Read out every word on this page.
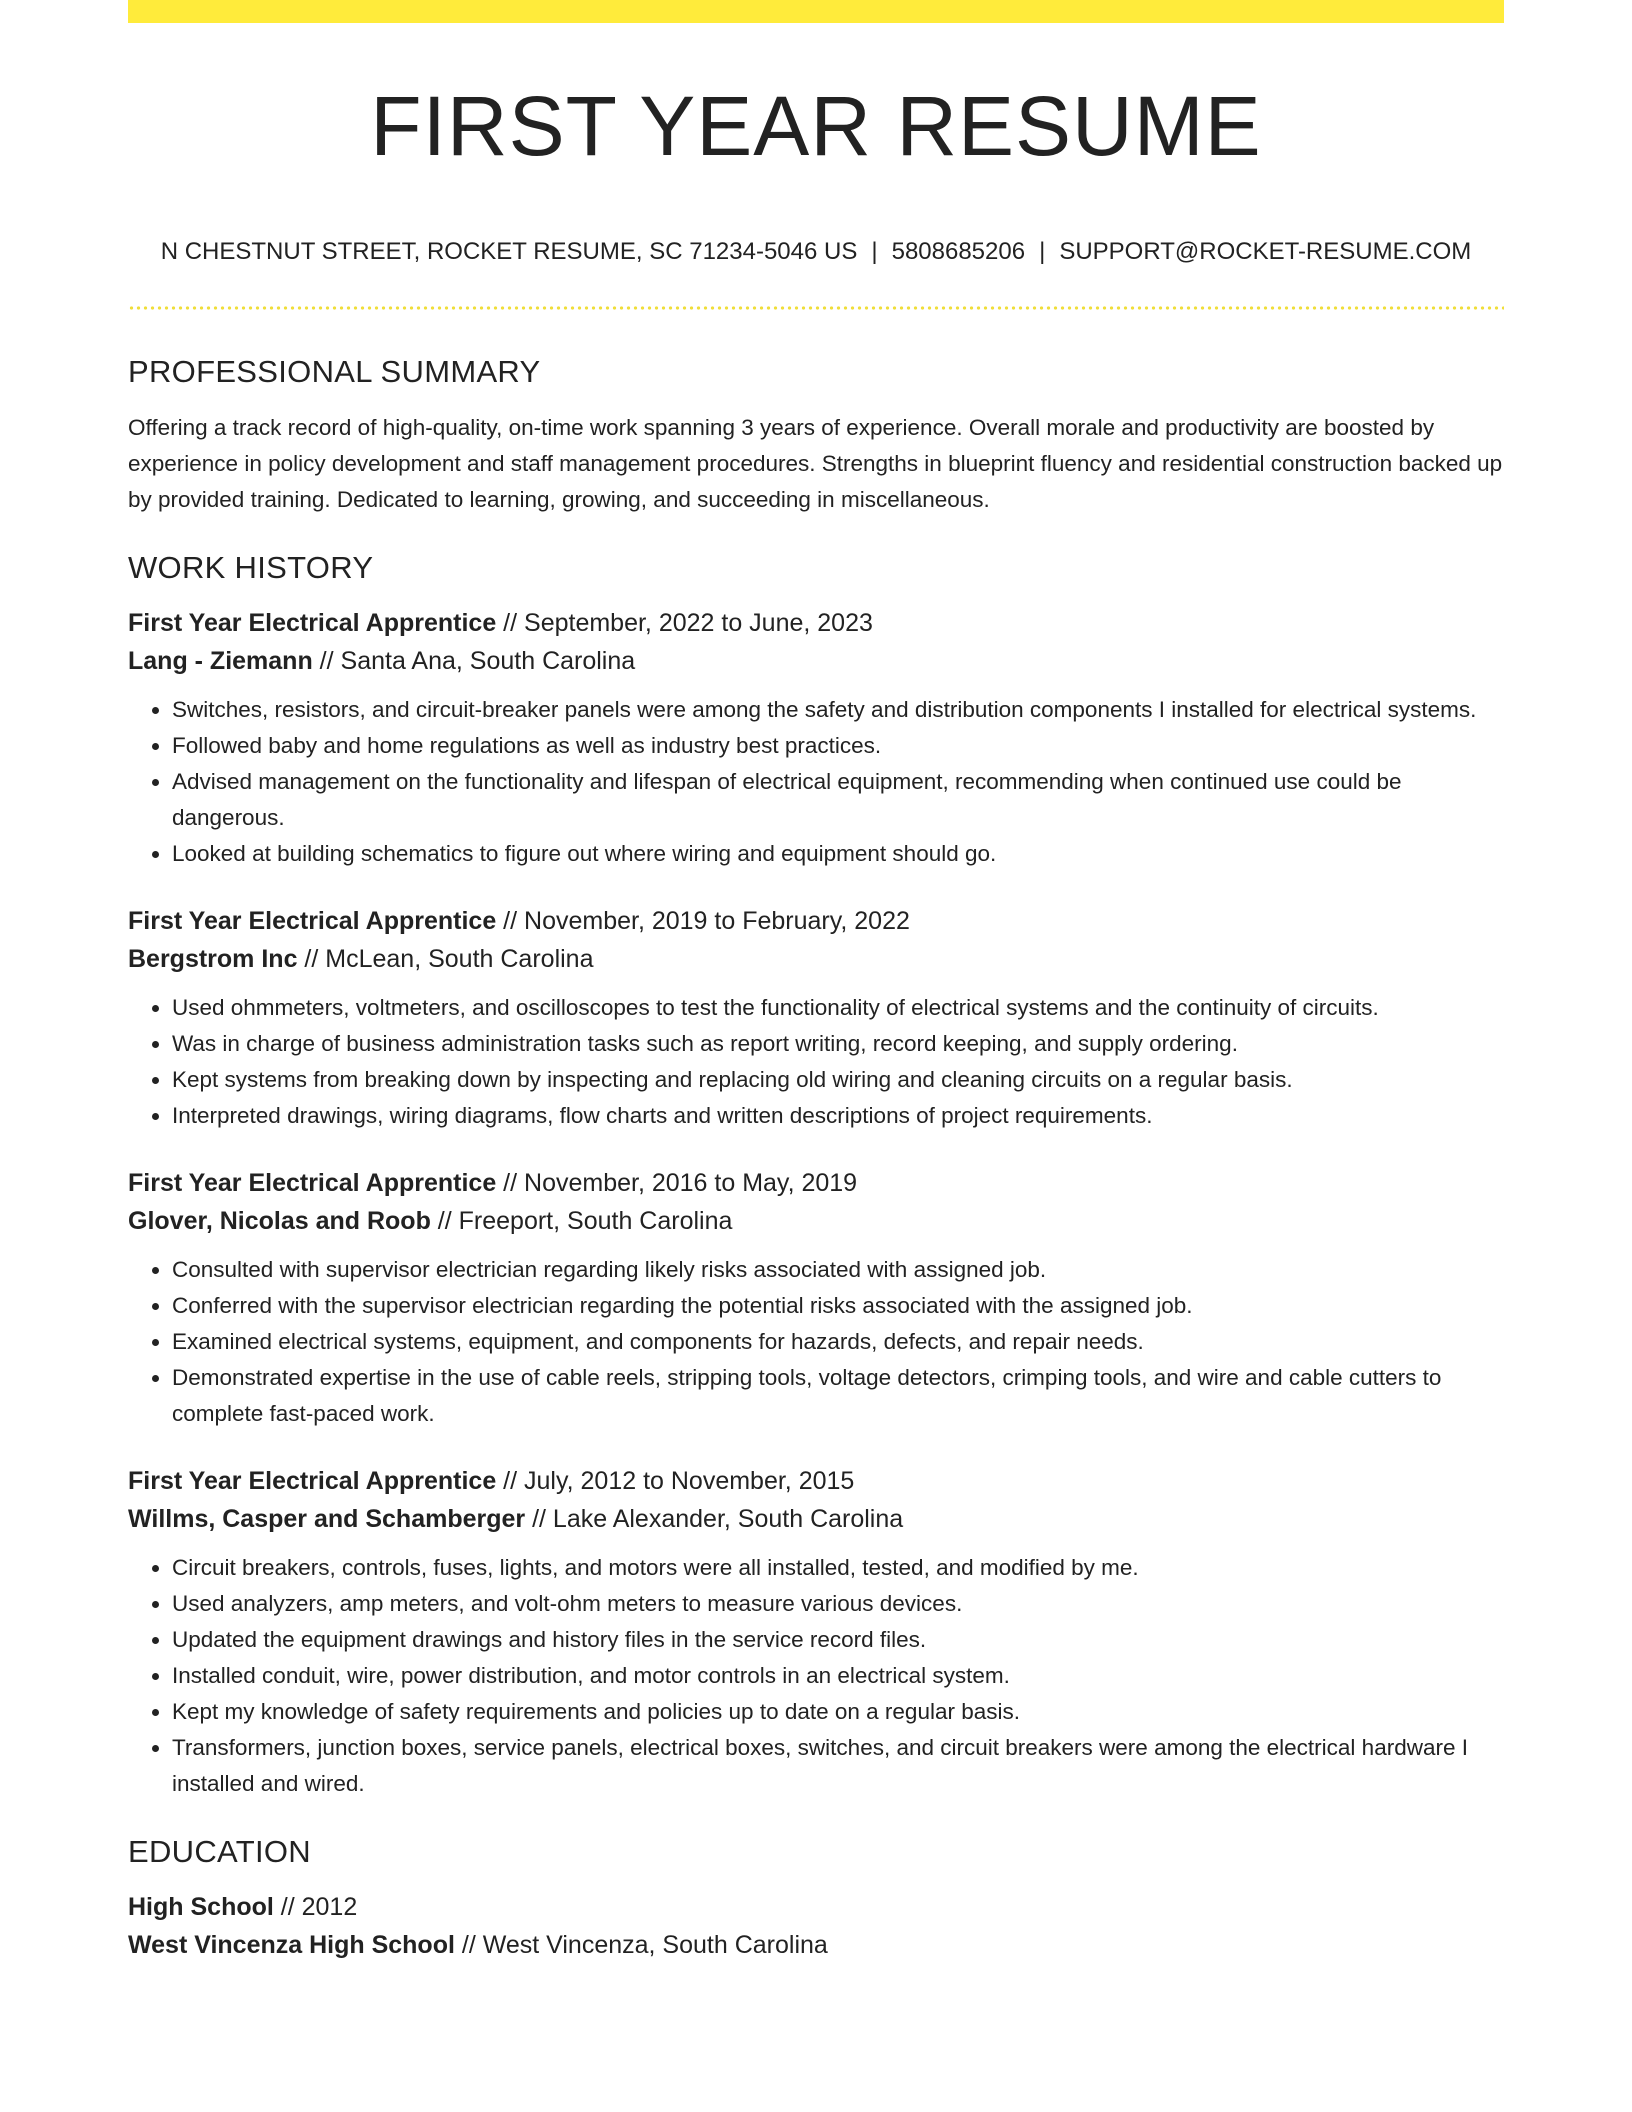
FIRST YEAR RESUME
N CHESTNUT STREET, ROCKET RESUME, SC 71234-5046 US | 5808685206 | SUPPORT@ROCKET-RESUME.COM
PROFESSIONAL SUMMARY

Offering a track record of high-quality, on-time work spanning 3 years of experience. Overall morale and productivity are boosted by experience in policy development and staff management procedures. Strengths in blueprint fluency and residential construction backed up by provided training. Dedicated to learning, growing, and succeeding in miscellaneous.

WORK HISTORY
First Year Electrical Apprentice // September, 2022 to June, 2023
Lang - Ziemann // Santa Ana, South Carolina
• Switches, resistors, and circuit-breaker panels were among the safety and distribution components I installed for electrical systems.
• Followed baby and home regulations as well as industry best practices.
• Advised management on the functionality and lifespan of electrical equipment, recommending when continued use could be dangerous.
• Looked at building schematics to figure out where wiring and equipment should go.
First Year Electrical Apprentice // November, 2019 to February, 2022
Bergstrom Inc // McLean, South Carolina
• Used ohmmeters, voltmeters, and oscilloscopes to test the functionality of electrical systems and the continuity of circuits.
• Was in charge of business administration tasks such as report writing, record keeping, and supply ordering.
• Kept systems from breaking down by inspecting and replacing old wiring and cleaning circuits on a regular basis.
• Interpreted drawings, wiring diagrams, flow charts and written descriptions of project requirements.
First Year Electrical Apprentice // November, 2016 to May, 2019
Glover, Nicolas and Roob // Freeport, South Carolina
• Consulted with supervisor electrician regarding likely risks associated with assigned job.
• Conferred with the supervisor electrician regarding the potential risks associated with the assigned job.
• Examined electrical systems, equipment, and components for hazards, defects, and repair needs.
• Demonstrated expertise in the use of cable reels, stripping tools, voltage detectors, crimping tools, and wire and cable cutters to complete fast-paced work.
First Year Electrical Apprentice // July, 2012 to November, 2015
Willms, Casper and Schamberger // Lake Alexander, South Carolina
• Circuit breakers, controls, fuses, lights, and motors were all installed, tested, and modified by me.
• Used analyzers, amp meters, and volt-ohm meters to measure various devices.
• Updated the equipment drawings and history files in the service record files.
• Installed conduit, wire, power distribution, and motor controls in an electrical system.
• Kept my knowledge of safety requirements and policies up to date on a regular basis.
• Transformers, junction boxes, service panels, electrical boxes, switches, and circuit breakers were among the electrical hardware I installed and wired.
EDUCATION
High School // 2012
West Vincenza High School // West Vincenza, South Carolina
